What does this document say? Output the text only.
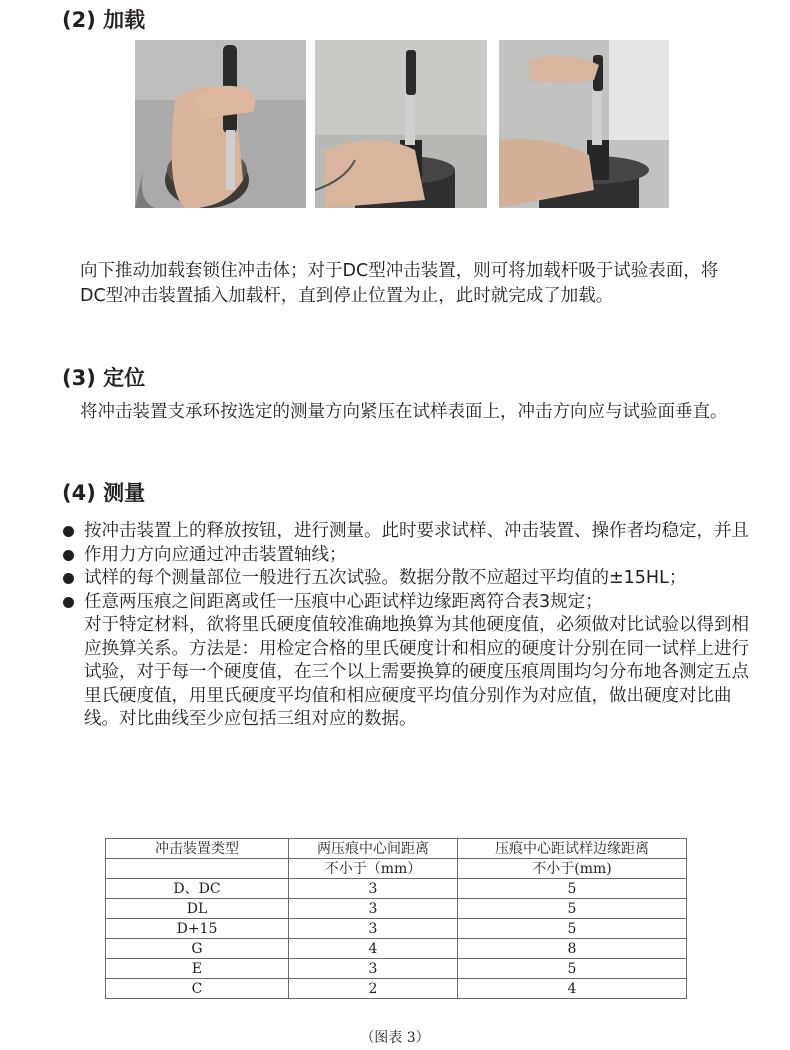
(2) 加载
向下推动加载套锁住冲击体；对于DC型冲击装置，则可将加载杆吸于试验表面，将DC型冲击装置插入加载杆，直到停止位置为止，此时就完成了加载。
(3) 定位
将冲击装置支承环按选定的测量方向紧压在试样表面上，冲击方向应与试验面垂直。
(4) 测量
按冲击装置上的释放按钮，进行测量。此时要求试样、冲击装置、操作者均稳定，并且
作用力方向应通过冲击装置轴线；
试样的每个测量部位一般进行五次试验。数据分散不应超过平均值的±15HL；
任意两压痕之间距离或任一压痕中心距试样边缘距离符合表3规定；
对于特定材料，欲将里氏硬度值较准确地换算为其他硬度值，必须做对比试验以得到相应换算关系。方法是：用检定合格的里氏硬度计和相应的硬度计分别在同一试样上进行试验，对于每一个硬度值，在三个以上需要换算的硬度压痕周围均匀分布地各测定五点里氏硬度值，用里氏硬度平均值和相应硬度平均值分别作为对应值，做出硬度对比曲线。对比曲线至少应包括三组对应的数据。
冲击装置类型	两压痕中心间距离	压痕中心距试样边缘距离
	不小于（mm）	不小于(mm)
D、DC	3	5
DL	3	5
D+15	3	5
G	4	8
E	3	5
C	2	4
（图表 3）
